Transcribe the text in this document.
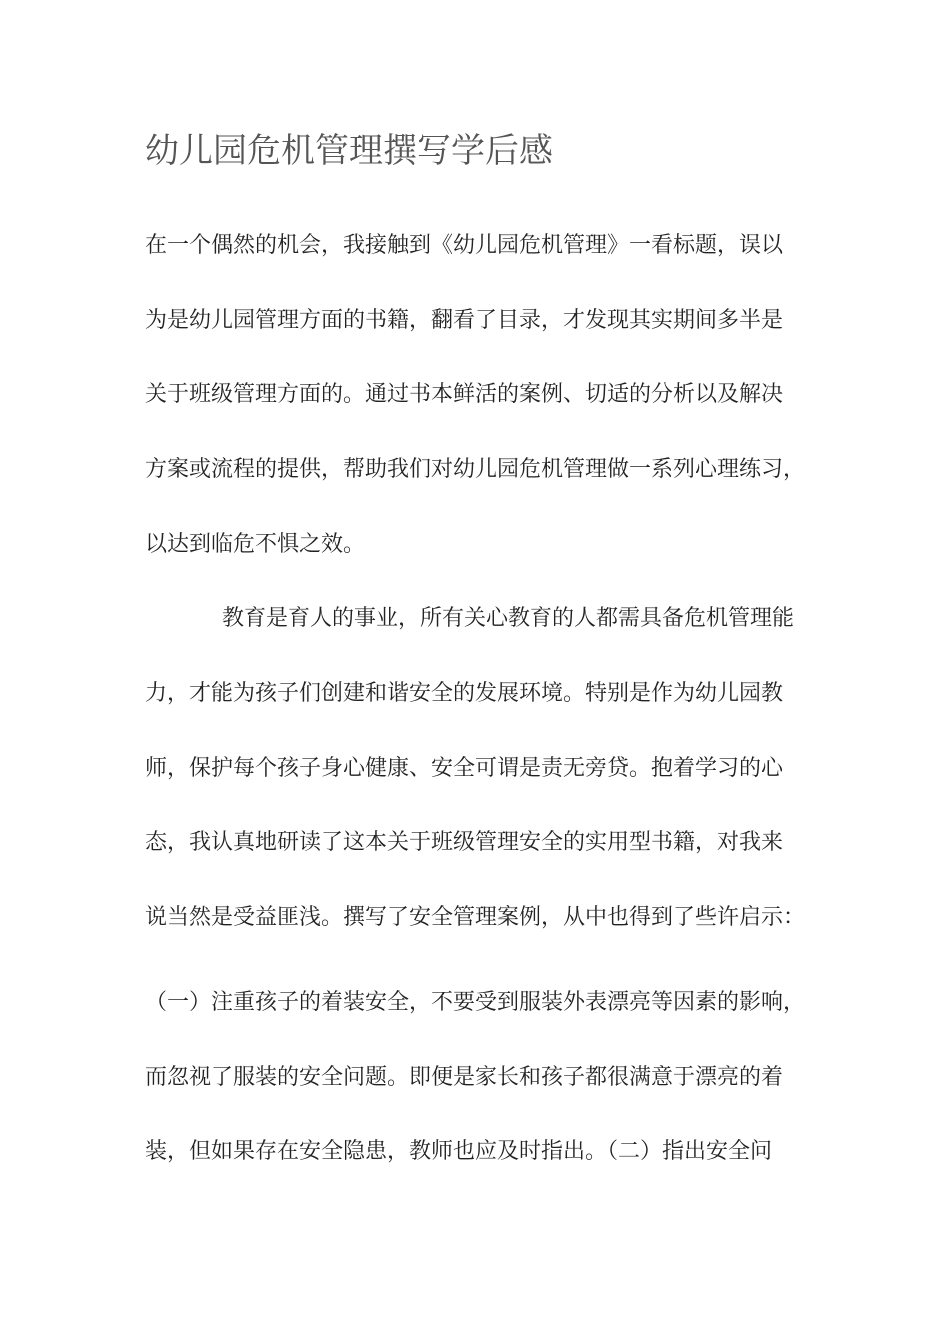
幼儿园危机管理撰写学后感

在一个偶然的机会，我接触到《幼儿园危机管理》一看标题，误以

为是幼儿园管理方面的书籍，翻看了目录，才发现其实期间多半是

关于班级管理方面的。通过书本鲜活的案例、切适的分析以及解决

方案或流程的提供，帮助我们对幼儿园危机管理做一系列心理练习，

以达到临危不惧之效。

教育是育人的事业，所有关心教育的人都需具备危机管理能

力，才能为孩子们创建和谐安全的发展环境。特别是作为幼儿园教

师，保护每个孩子身心健康、安全可谓是责无旁贷。抱着学习的心

态，我认真地研读了这本关于班级管理安全的实用型书籍，对我来

说当然是受益匪浅。撰写了安全管理案例，从中也得到了些许启示：

（一）注重孩子的着装安全，不要受到服装外表漂亮等因素的影响，

而忽视了服装的安全问题。即便是家长和孩子都很满意于漂亮的着

装，但如果存在安全隐患，教师也应及时指出。（二）指出安全问
